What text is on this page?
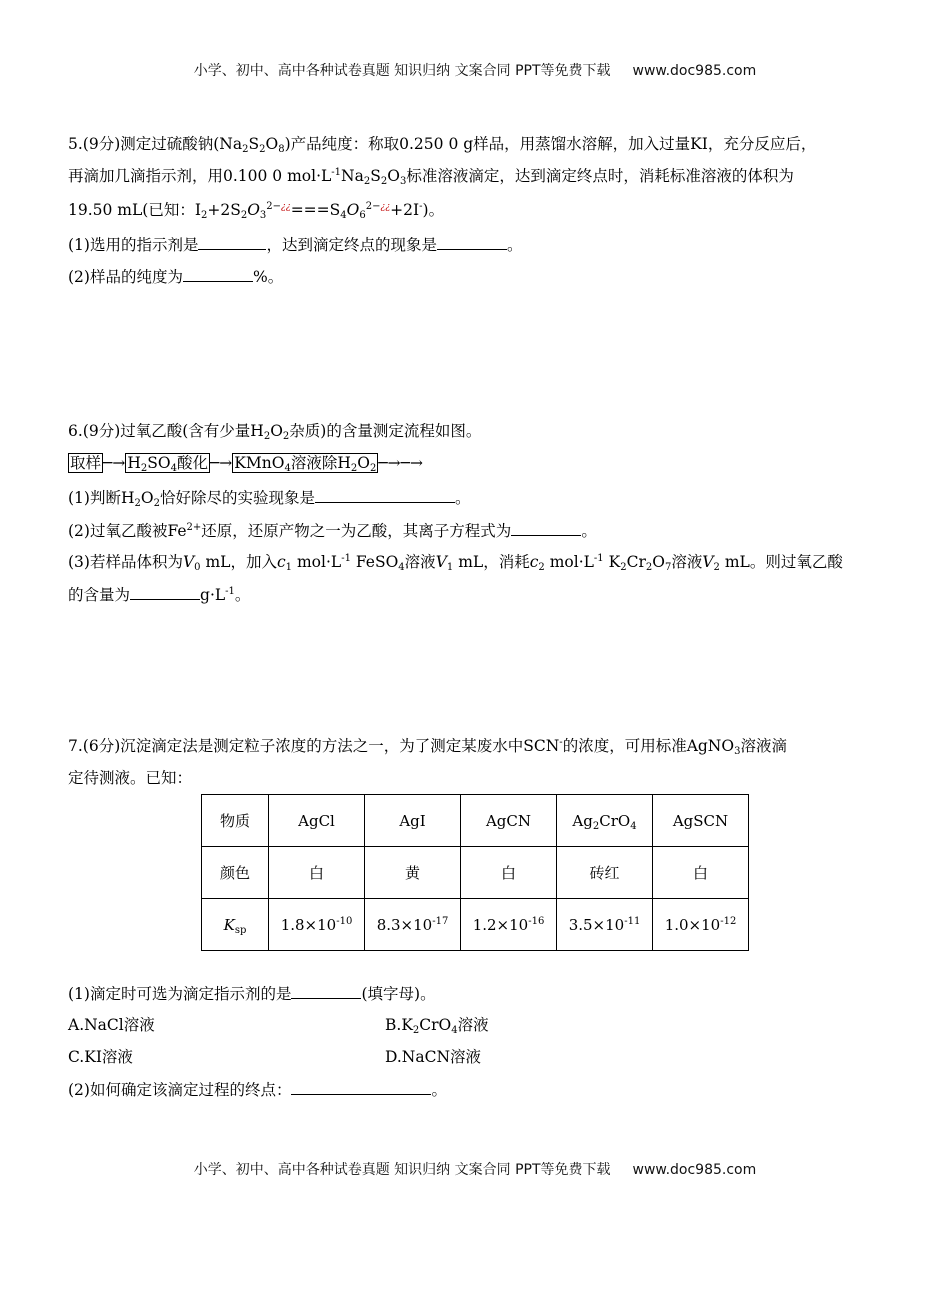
小学、初中、高中各种试卷真题 知识归纳 文案合同 PPT等免费下载 www.doc985.com
5.(9分)测定过硫酸钠$(Na_2S_2O_8)$产品纯度：称取0.250 0 g样品，用蒸馏水溶解，加入过量KI，充分反应后，
再滴加几滴指示剂，用0.100 0 $mol\cdot L^{-1}Na_2S_2O_3$标准溶液滴定，达到滴定终点时，消耗标准溶液的体积为
19.50 mL(已知：$I_2+2S_2O_3^{2-¿¿}===S_4O_6^{2-¿¿}+2I^-$)。
(1)选用的指示剂是	，达到滴定终点的现象是	。
(2)样品的纯度为	%。
6.(9分)过氧乙酸(含有少量$H_2O_2$杂质)的含量测定流程如图。
取样 ─→ $H_2SO_4$酸化 ─→ KMnO$_4$溶液除$H_2O_2$ ─→─→
(1)判断$H_2O_2$恰好除尽的实验现象是	。
(2)过氧乙酸被$Fe^{2+}$还原，还原产物之一为乙酸，其离子方程式为	。
(3)若样品体积为$V_0$ mL，加入$c_1$ $mol\cdot L^{-1}$ FeSO$_4$溶液$V_1$ mL，消耗$c_2$ $mol\cdot L^{-1}$ $K_2Cr_2O_7$溶液$V_2$ mL。则过氧乙酸
的含量为	$g\cdot L^{-1}$。
7.(6分)沉淀滴定法是测定粒子浓度的方法之一，为了测定某废水中SCN-的浓度，可用标准AgNO$_3$溶液滴
定待测液。已知：
物质	AgCl	AgI	AgCN	$Ag_2CrO_4$	AgSCN
颜色	白	黄	白	砖红	白
$K_{sp}$	$1.8\times 10^{-10}$	$8.3\times 10^{-17}$	$1.2\times 10^{-16}$	$3.5\times 10^{-11}$	$1.0\times 10^{-12}$
(1)滴定时可选为滴定指示剂的是	(填字母)。
A.NaCl溶液	$B.K_2CrO_4$溶液
C.KI溶液	D.NaCN溶液
(2)如何确定该滴定过程的终点：	。
小学、初中、高中各种试卷真题 知识归纳 文案合同 PPT等免费下载 www.doc985.com
